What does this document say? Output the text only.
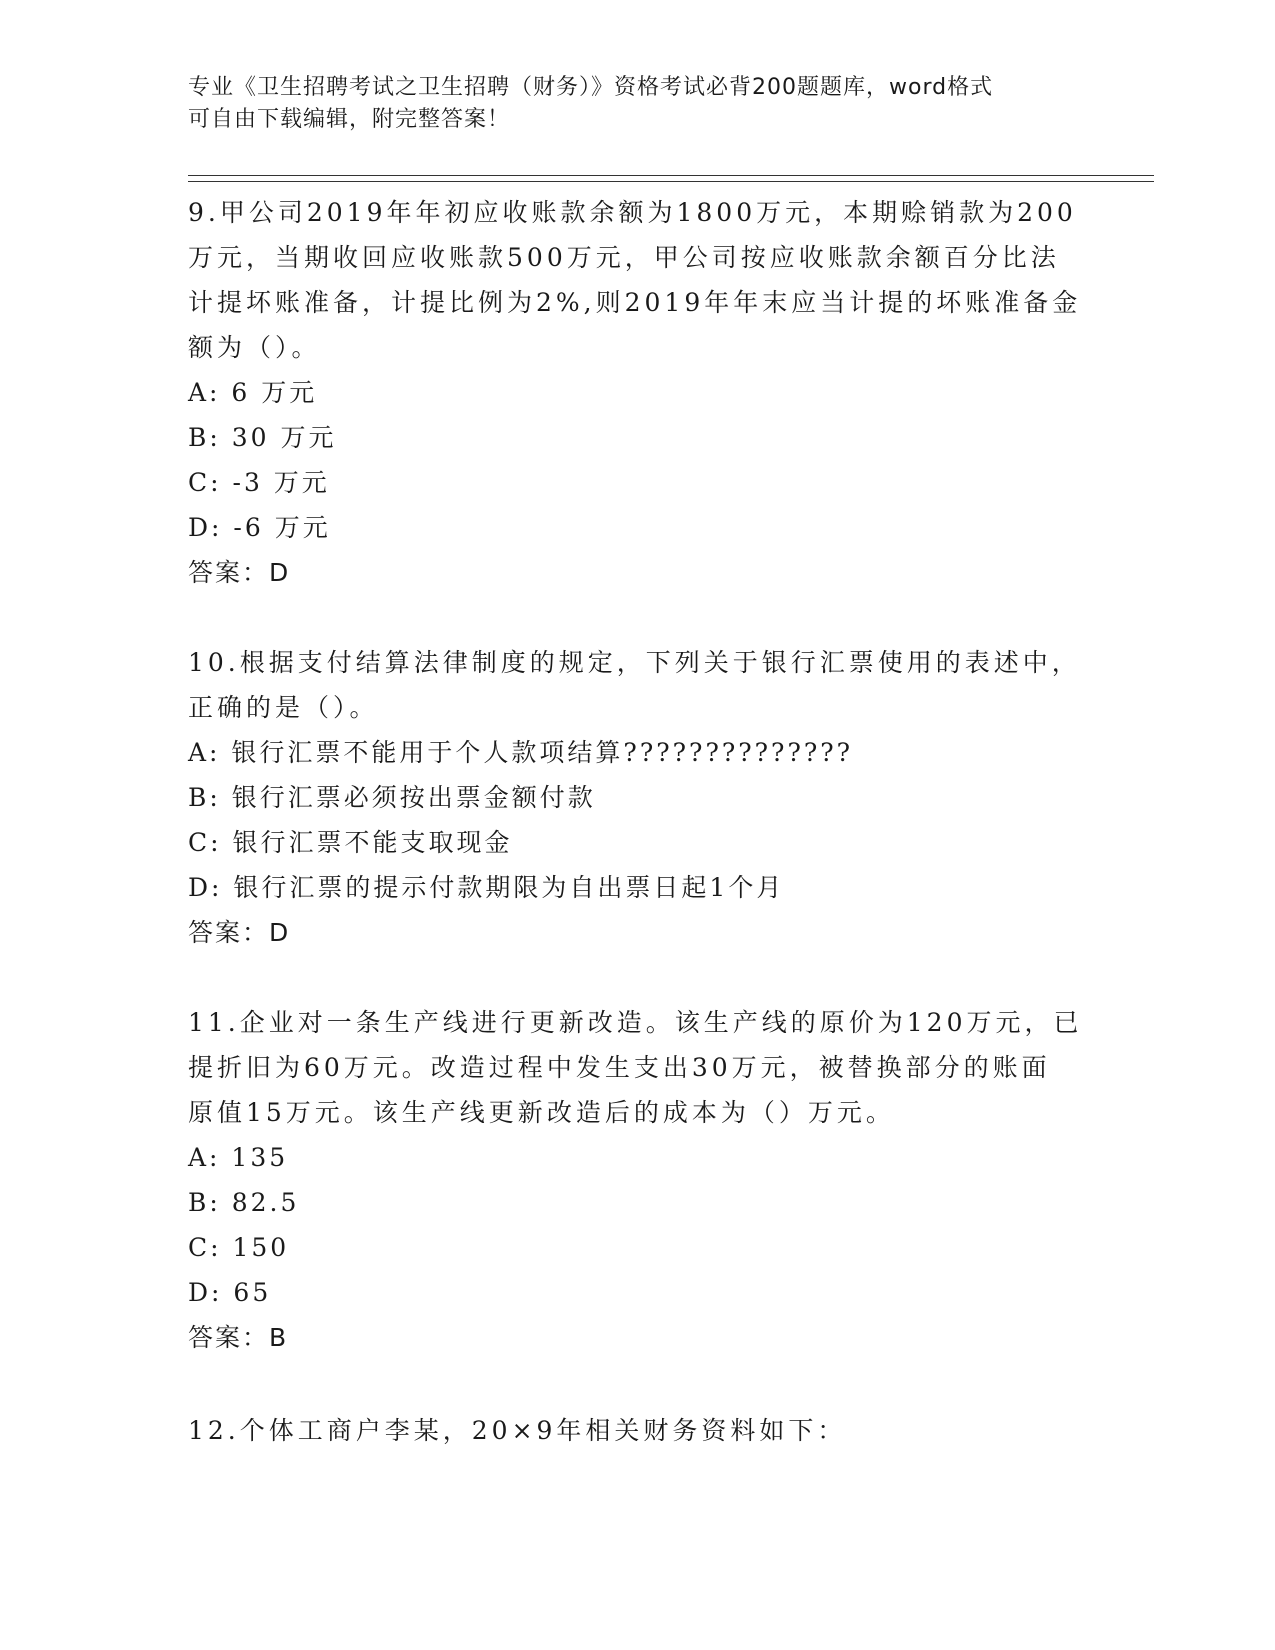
专业《卫生招聘考试之卫生招聘（财务）》资格考试必背200题题库，word格式
可自由下载编辑，附完整答案！

9.甲公司2019年年初应收账款余额为1800万元，本期赊销款为200

万元，当期收回应收账款500万元，甲公司按应收账款余额百分比法

计提坏账准备，计提比例为2%,则2019年年末应当计提的坏账准备金

额为（）。

A: 6 万元

B: 30 万元

C: -3 万元

D: -6 万元

答案：D

10.根据支付结算法律制度的规定，下列关于银行汇票使用的表述中，

正确的是（）。

A: 银行汇票不能用于个人款项结算??????????????

B: 银行汇票必须按出票金额付款

C: 银行汇票不能支取现金

D: 银行汇票的提示付款期限为自出票日起1个月

答案：D

11.企业对一条生产线进行更新改造。该生产线的原价为120万元，已

提折旧为60万元。改造过程中发生支出30万元，被替换部分的账面

原值15万元。该生产线更新改造后的成本为（）万元。

A: 135

B: 82.5

C: 150

D: 65

答案：B

12.个体工商户李某，20×9年相关财务资料如下：
